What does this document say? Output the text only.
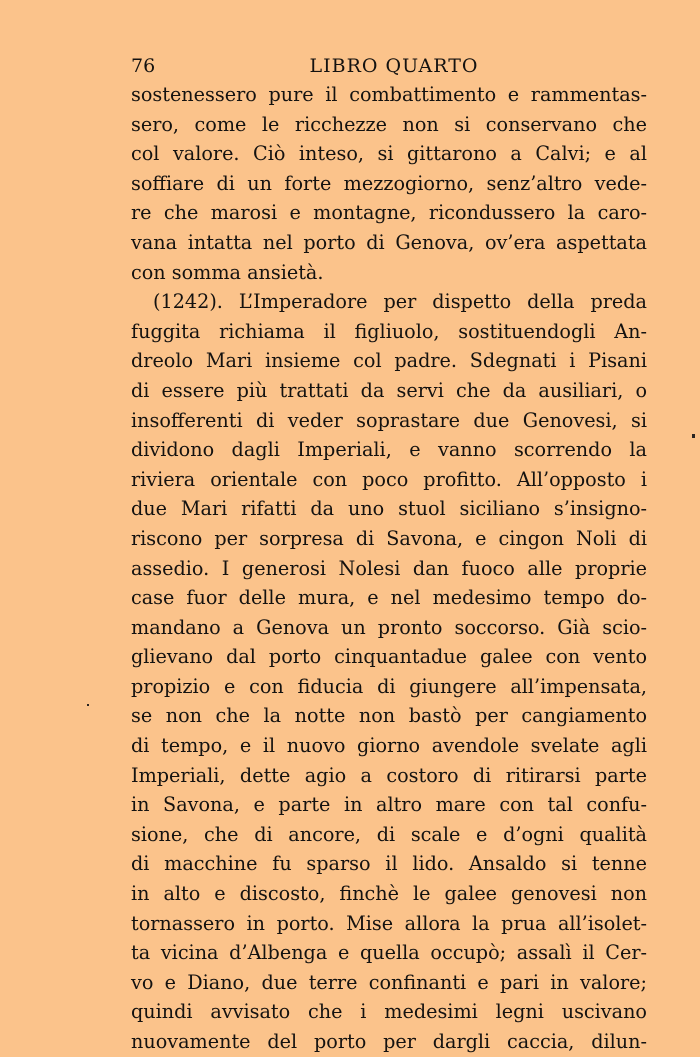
76	LIBRO QUARTO
sostenessero pure il combattimento e rammentas-
sero, come le ricchezze non si conservano che
col valore. Ciò inteso, si gittarono a Calvi; e al
soffiare di un forte mezzogiorno, senz’altro vede-
re che marosi e montagne, ricondussero la caro-
vana intatta nel porto di Genova, ov’era aspettata
con somma ansietà.
(1242). L’Imperadore per dispetto della preda
fuggita richiama il figliuolo, sostituendogli An-
dreolo Mari insieme col padre. Sdegnati i Pisani
di essere più trattati da servi che da ausiliari, o
insofferenti di veder soprastare due Genovesi, si
dividono dagli Imperiali, e vanno scorrendo la
riviera orientale con poco profitto. All’opposto i
due Mari rifatti da uno stuol siciliano s’insigno-
riscono per sorpresa di Savona, e cingon Noli di
assedio. I generosi Nolesi dan fuoco alle proprie
case fuor delle mura, e nel medesimo tempo do-
mandano a Genova un pronto soccorso. Già scio-
glievano dal porto cinquantadue galee con vento
propizio e con fiducia di giungere all’impensata,
se non che la notte non bastò per cangiamento
di tempo, e il nuovo giorno avendole svelate agli
Imperiali, dette agio a costoro di ritirarsi parte
in Savona, e parte in altro mare con tal confu-
sione, che di ancore, di scale e d’ogni qualità
di macchine fu sparso il lido. Ansaldo si tenne
in alto e discosto, finchè le galee genovesi non
tornassero in porto. Mise allora la prua all’isolet-
ta vicina d’Albenga e quella occupò; assalì il Cer-
vo e Diano, due terre confinanti e pari in valore;
quindi avvisato che i medesimi legni uscivano
nuovamente del porto per dargli caccia, dilun-
